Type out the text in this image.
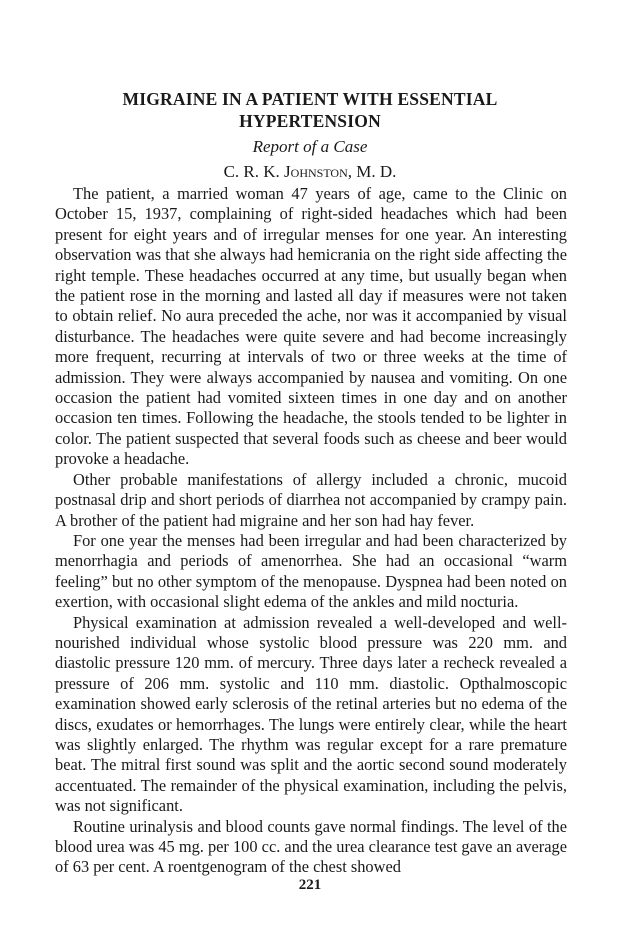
MIGRAINE IN A PATIENT WITH ESSENTIAL
HYPERTENSION

Report of a Case

C. R. K. Johnston, M. D.

The patient, a married woman 47 years of age, came to the Clinic on October 15, 1937, complaining of right-sided headaches which had been present for eight years and of irregular menses for one year. An interesting observation was that she always had hemicrania on the right side affecting the right temple. These headaches occurred at any time, but usually began when the patient rose in the morning and lasted all day if measures were not taken to obtain relief. No aura preceded the ache, nor was it accompanied by visual disturbance. The headaches were quite severe and had become increasingly more frequent, recurring at intervals of two or three weeks at the time of admission. They were always accompanied by nausea and vomiting. On one occasion the patient had vomited sixteen times in one day and on another occasion ten times. Following the headache, the stools tended to be lighter in color. The patient suspected that several foods such as cheese and beer would provoke a headache.

Other probable manifestations of allergy included a chronic, mucoid postnasal drip and short periods of diarrhea not accompanied by crampy pain. A brother of the patient had migraine and her son had hay fever.

For one year the menses had been irregular and had been characterized by menorrhagia and periods of amenorrhea. She had an occasional “warm feeling” but no other symptom of the menopause. Dyspnea had been noted on exertion, with occasional slight edema of the ankles and mild nocturia.

Physical examination at admission revealed a well-developed and well-nourished individual whose systolic blood pressure was 220 mm. and diastolic pressure 120 mm. of mercury. Three days later a recheck revealed a pressure of 206 mm. systolic and 110 mm. diastolic. Opthalmoscopic examination showed early sclerosis of the retinal arteries but no edema of the discs, exudates or hemorrhages. The lungs were entirely clear, while the heart was slightly enlarged. The rhythm was regular except for a rare premature beat. The mitral first sound was split and the aortic second sound moderately accentuated. The remainder of the physical examination, including the pelvis, was not significant.

Routine urinalysis and blood counts gave normal findings. The level of the blood urea was 45 mg. per 100 cc. and the urea clearance test gave an average of 63 per cent. A roentgenogram of the chest showed

221
